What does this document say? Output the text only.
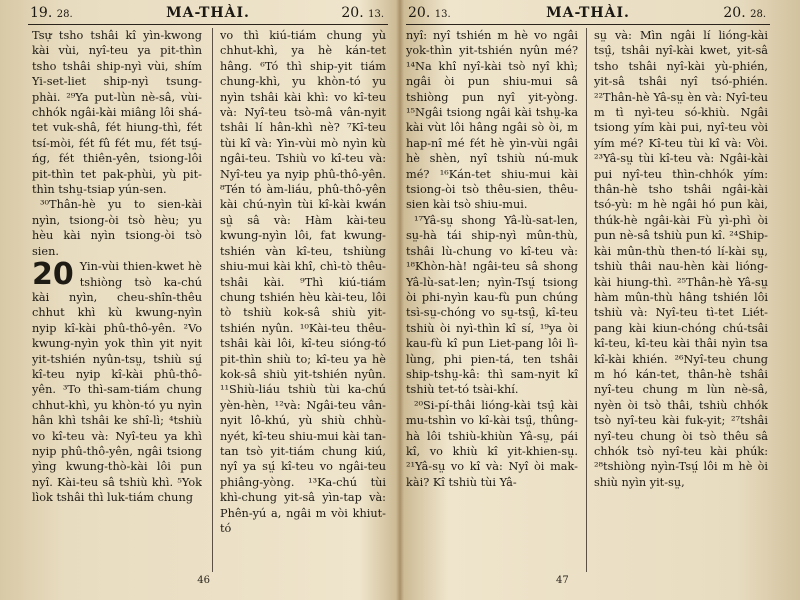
19. 28.	MA-THÀI.	20. 13.

Tsự tsho tshâi kî yìn-kwong kài vùi, nyî-teu ya pit-thìn tsho tshâi ship-nyì vùi, shím Yi-set-liet ship-nyì tsung-phài. ²⁹Ya put-lùn nè-sâ, vùi-chhók ngâi-kài miâng lôi shá-tet vuk-shâ, fét hiung-thì, fét tsí-mòi, fét fû fét mu, fét tsṳ́-ńg, fét thiên-yên, tsiong-lôi pit-thìn tet pak-phùi, yù pit-thìn tshṳ-tsiap yún-sen.

³⁰Thân-hè yu to sien-kài nyìn, tsiong-òi tsò hèu; yu hèu kài nyìn tsiong-òi tsò sien.

20 Yin-vùi thien-kwet hè tshiòng tsò ka-chú kài nyìn, cheu-shîn-thêu chhut khì kù kwung-nyìn nyip kî-kài phû-thô-yên. ²Vo kwung-nyìn yok thìn yit nyit yit-tshién nyûn-tsṳ, tshiù sṳ́ kî-teu nyip kî-kài phû-thô-yên. ³To thì-sam-tiám chung chhut-khì, yu khòn-tó yu nyìn hân khì tshâi ke shî-lì; ⁴tshiù vo kî-teu và: Nyî-teu ya khì nyip phû-thô-yên, ngâi tsiong yìng kwung-thò-kài lôi pun nyî. Kài-teu sâ tshiù khì. ⁵Yok lìok tshâi thì luk-tiám chung

vo thì kiú-tiám chung yù chhut-khì, ya hè kán-tet hâng. ⁶Tó thì ship-yit tiám chung-khì, yu khòn-tó yu nyìn tshâi kài khì: vo kî-teu và: Nyî-teu tsò-mâ vân-nyit tshâi lí hân-khì nè? ⁷Kî-teu tùi kî và: Yìn-vùi mò nyìn kù ngâi-teu. Tshiù vo kî-teu và: Nyî-teu ya nyip phû-thô-yên. ⁸Tén tó àm-liáu, phû-thô-yên kài chú-nyìn tùi kî-kài kwán sṳ̀ sâ và: Hàm kài-teu kwung-nyìn lôi, fat kwung-tshién vàn kî-teu, tshiùng shiu-mui kài khî, chì-tò thêu-tshâi kài. ⁹Thì kiú-tiám chung tshién hèu kài-teu, lôi tò tshiù kok-sâ shiù yit-tshién nyûn. ¹⁰Kài-teu thêu-tshâi kài lôi, kî-teu sióng-tó pit-thìn shiù to; kî-teu ya hè kok-sâ shiù yit-tshién nyûn. ¹¹Shiù-liáu tshiù tùi ka-chú yèn-hèn, ¹²và: Ngâi-teu vân-nyit lô-khú, yù shiù chhù-nyét, kî-teu shiu-mui kài tan-tan tsò yit-tiám chung kiú, nyî ya sṳ́ kî-teu vo ngâi-teu phiâng-yòng. ¹³Ka-chú tùi khì-chung yit-sâ yìn-tap và: Phên-yú a, ngâi m vòi khiut-tó

46
20. 13.	MA-THÀI.	20. 28.

nyî: nyî tshién m hè vo ngâi yok-thìn yit-tshién nyûn mé? ¹⁴Na khî nyî-kài tsò nyî khì; ngâi òi pun shiu-mui sâ tshiòng pun nyî yit-yòng. ¹⁵Ngâi tsiong ngâi kài tshṳ-ka kài vùt lôi hâng ngâi sò òi, m hap-nî mé fét hè yìn-vùi ngâi hè shèn, nyî tshiù nú-muk mé? ¹⁶Kán-tet shiu-mui kài tsiong-òi tsò thêu-sien, thêu-sien kài tsò shiu-mui.

¹⁷Yâ-sṳ shong Yâ-lù-sat-len, sṳ-hà tái ship-nyì mûn-thù, tshâi lù-chung vo kî-teu và: ¹⁸Khòn-hà! ngâi-teu sâ shong Yâ-lù-sat-len; nyìn-Tsṳ́ tsiong òi phi-nyìn kau-fù pun chúng tsì-sṳ-chóng vo sṳ-tsṳ̂, kî-teu tshiù òi nyì-thìn kî sí, ¹⁹ya òi kau-fù kî pun Liet-pang lôi lì-lùng, phi pien-tá, ten tshâi ship-tshṳ-kâ: thì sam-nyit kî tshiù tet-tó tsài-khí.

²⁰Si-pí-thâi lióng-kài tsṳ̂ kài mu-tshìn vo kî-kài tsṳ̂, thûng-hà lôi tshiù-khiùn Yâ-sṳ, pái kî, vo khiù kî yit-khien-sṳ. ²¹Yâ-sṳ vo kî và: Nyî òi mak-kài? Kî tshiù tùi Yâ-

sṳ và: Mìn ngâi lí lióng-kài tsṳ̂, tshâi nyî-kài kwet, yit-sâ tsho tshâi nyî-kài yù-phién, yit-sâ tshâi nyî tsó-phién. ²²Thân-hè Yâ-sṳ èn và: Nyî-teu m tì nyì-teu só-khiù. Ngâi tsiong yím kài pui, nyî-teu vòi yím mé? Kî-teu tùi kî và: Vòi. ²³Yâ-sṳ tùi kî-teu và: Ngâi-kài pui nyî-teu thìn-chhók yím: thân-hè tsho tshâi ngâi-kài tsó-yù: m hè ngâi hó pun kài, thúk-hè ngâi-kài Fù yì-phì òi pun nè-sâ tshiù pun kî. ²⁴Ship-kài mûn-thù then-tó lí-kài sṳ, tshiù thâi nau-hèn kài lióng-kài hiung-thì. ²⁵Thân-hè Yâ-sṳ hàm mûn-thù hâng tshién lôi tshiù và: Nyî-teu tì-tet Liét-pang kài kiun-chóng chú-tsâi kî-teu, kî-teu kài thâi nyìn tsa kî-kài khién. ²⁶Nyî-teu chung m hó kán-tet, thân-hè tshâi nyî-teu chung m lùn nè-sâ, nyèn òi tsò thâi, tshiù chhók tsò nyî-teu kài fuk-yit; ²⁷tshâi nyî-teu chung òi tsò thêu sâ chhók tsò nyî-teu kài phúk: ²⁸tshiòng nyìn-Tsṳ́ lôi m hè òi shiù nyìn yit-sṳ,

47
